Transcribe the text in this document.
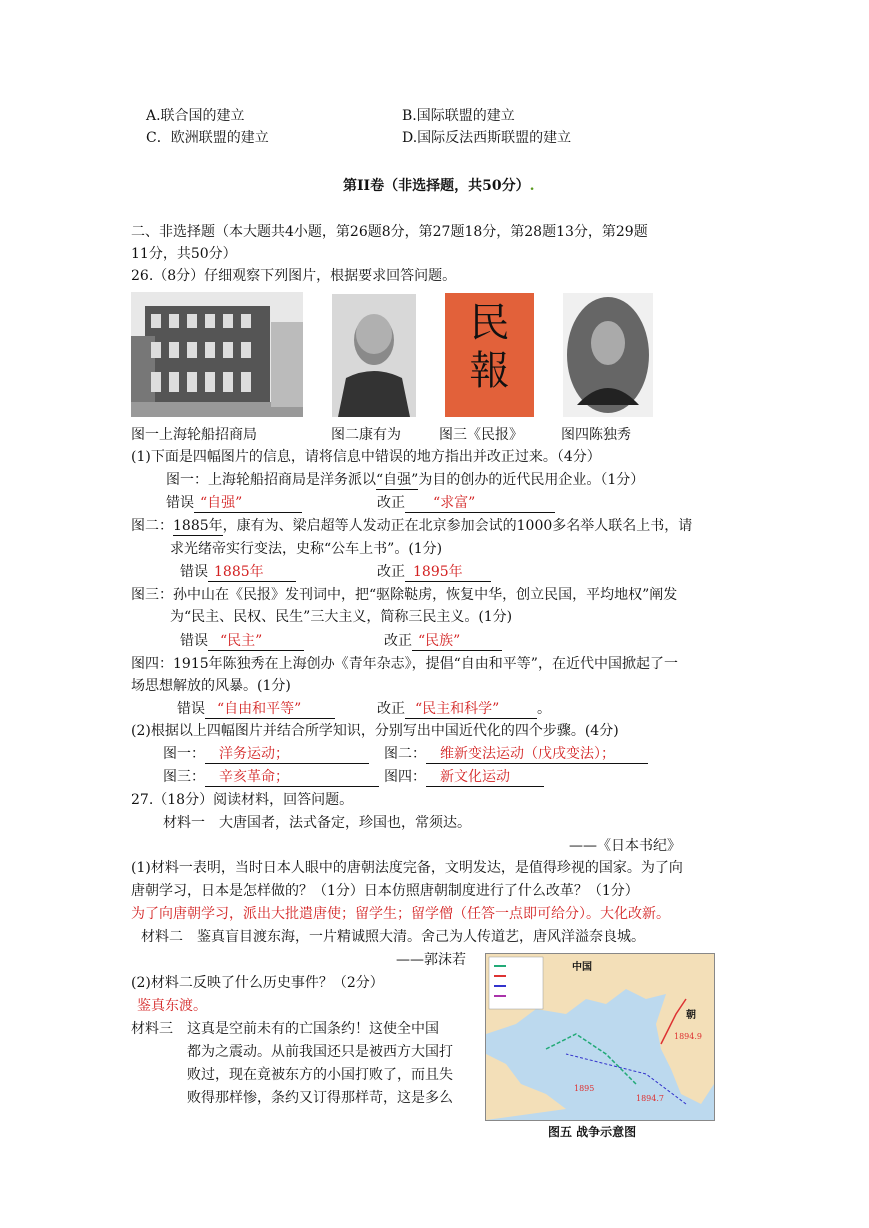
A.联合国的建立	B.国际联盟的建立
C．欧洲联盟的建立	D.国际反法西斯联盟的建立
第II卷（非选择题，共50分）.
二、非选择题（本大题共4小题，第26题8分，第27题18分，第28题13分，第29题
11分，共50分）
26.（8分）仔细观察下列图片，根据要求回答问题。
民
報
图一上海轮船招商局	图二康有为	图三《民报》	图四陈独秀
(1)下面是四幅图片的信息，请将信息中错误的地方指出并改正过来。（4分）
图一：上海轮船招商局是洋务派以“自强”为目的创办的近代民用企业。（1分）
错误 “自强”	改正 “求富”
图二：1885年，康有为、梁启超等人发动正在北京参加会试的1000多名举人联名上书，请
求光绪帝实行变法，史称“公车上书”。(1分)
错误 1885年	改正 1895年
图三：孙中山在《民报》发刊词中，把“驱除鞑虏，恢复中华，创立民国，平均地权”阐发
为“民主、民权、民生”三大主义，简称三民主义。(1分)
错误 “民主”	改正 “民族”
图四：1915年陈独秀在上海创办《青年杂志》，提倡“自由和平等”，在近代中国掀起了一
场思想解放的风暴。(1分)
错误 “自由和平等”	改正 “民主和科学”	。
(2)根据以上四幅图片并结合所学知识，分别写出中国近代化的四个步骤。(4分)
图一： 洋务运动；	图二： 维新变法运动（戊戌变法）；
图三： 辛亥革命；	图四： 新文化运动
27.（18分）阅读材料，回答问题。
材料一 大唐国者，法式备定，珍国也，常须达。
——《日本书纪》
(1)材料一表明，当时日本人眼中的唐朝法度完备，文明发达，是值得珍视的国家。为了向
唐朝学习，日本是怎样做的？（1分）日本仿照唐朝制度进行了什么改革？（1分）
为了向唐朝学习，派出大批遣唐使；留学生；留学僧（任答一点即可给分）。大化改新。
材料二 鉴真盲目渡东海，一片精诚照大清。舍己为人传道艺，唐风洋溢奈良城。
——郭沫若
(2)材料二反映了什么历史事件？（2分）
鉴真东渡。
材料三 这真是空前未有的亡国条约！这使全中国
都为之震动。从前我国还只是被西方大国打
败过，现在竟被东方的小国打败了，而且失
败得那样惨，条约又订得那样苛，这是多么
中国
朝
1894.9
1895
1894.7
图五 战争示意图
